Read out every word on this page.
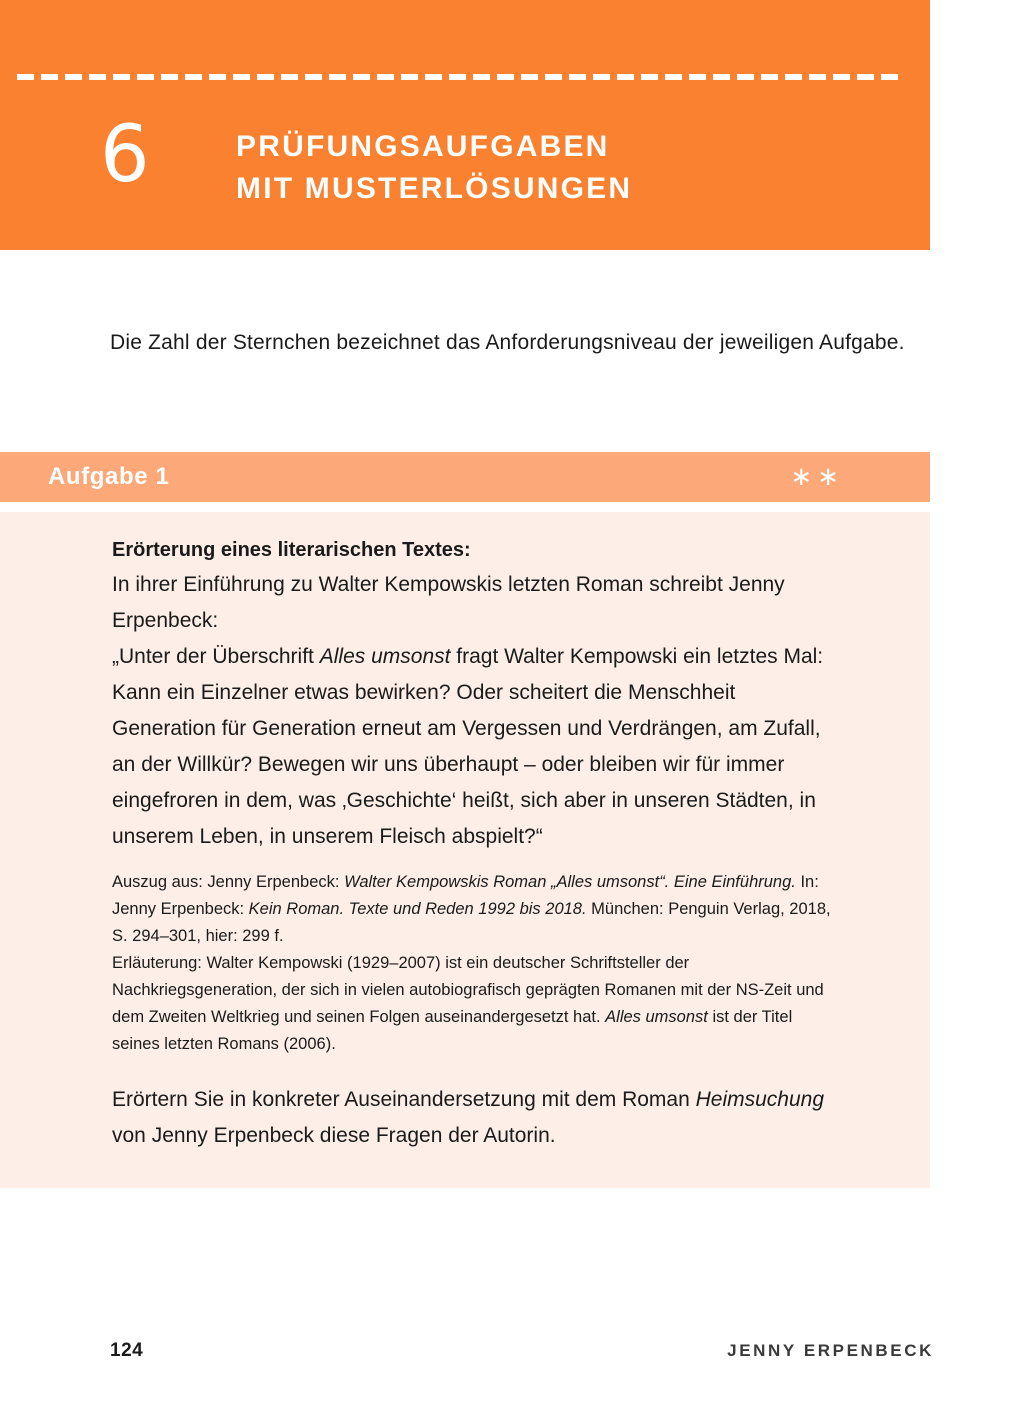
6	PRÜFUNGSAUFGABEN
MIT MUSTERLÖSUNGEN

Die Zahl der Sternchen bezeichnet das Anforderungsniveau der jeweiligen Aufgabe.

Aufgabe 1	∗∗

Erörterung eines literarischen Textes:

In ihrer Einführung zu Walter Kempowskis letzten Roman schreibt Jenny Erpenbeck:

„Unter der Überschrift Alles umsonst fragt Walter Kempowski ein letztes Mal: Kann ein Einzelner etwas bewirken? Oder scheitert die Menschheit Generation für Generation erneut am Vergessen und Verdrängen, am Zufall, an der Willkür? Bewegen wir uns überhaupt – oder bleiben wir für immer eingefroren in dem, was ‚Geschichte‘ heißt, sich aber in unseren Städten, in unserem Leben, in unserem Fleisch abspielt?“

Auszug aus: Jenny Erpenbeck: Walter Kempowskis Roman „Alles umsonst“. Eine Einführung. In: Jenny Erpenbeck: Kein Roman. Texte und Reden 1992 bis 2018. München: Penguin Verlag, 2018, S. 294–301, hier: 299 f.

Erläuterung: Walter Kempowski (1929–2007) ist ein deutscher Schriftsteller der Nachkriegsgeneration, der sich in vielen autobiografisch geprägten Romanen mit der NS-Zeit und dem Zweiten Weltkrieg und seinen Folgen auseinandergesetzt hat. Alles umsonst ist der Titel seines letzten Romans (2006).

Erörtern Sie in konkreter Auseinandersetzung mit dem Roman Heimsuchung von Jenny Erpenbeck diese Fragen der Autorin.

124	JENNY ERPENBECK
